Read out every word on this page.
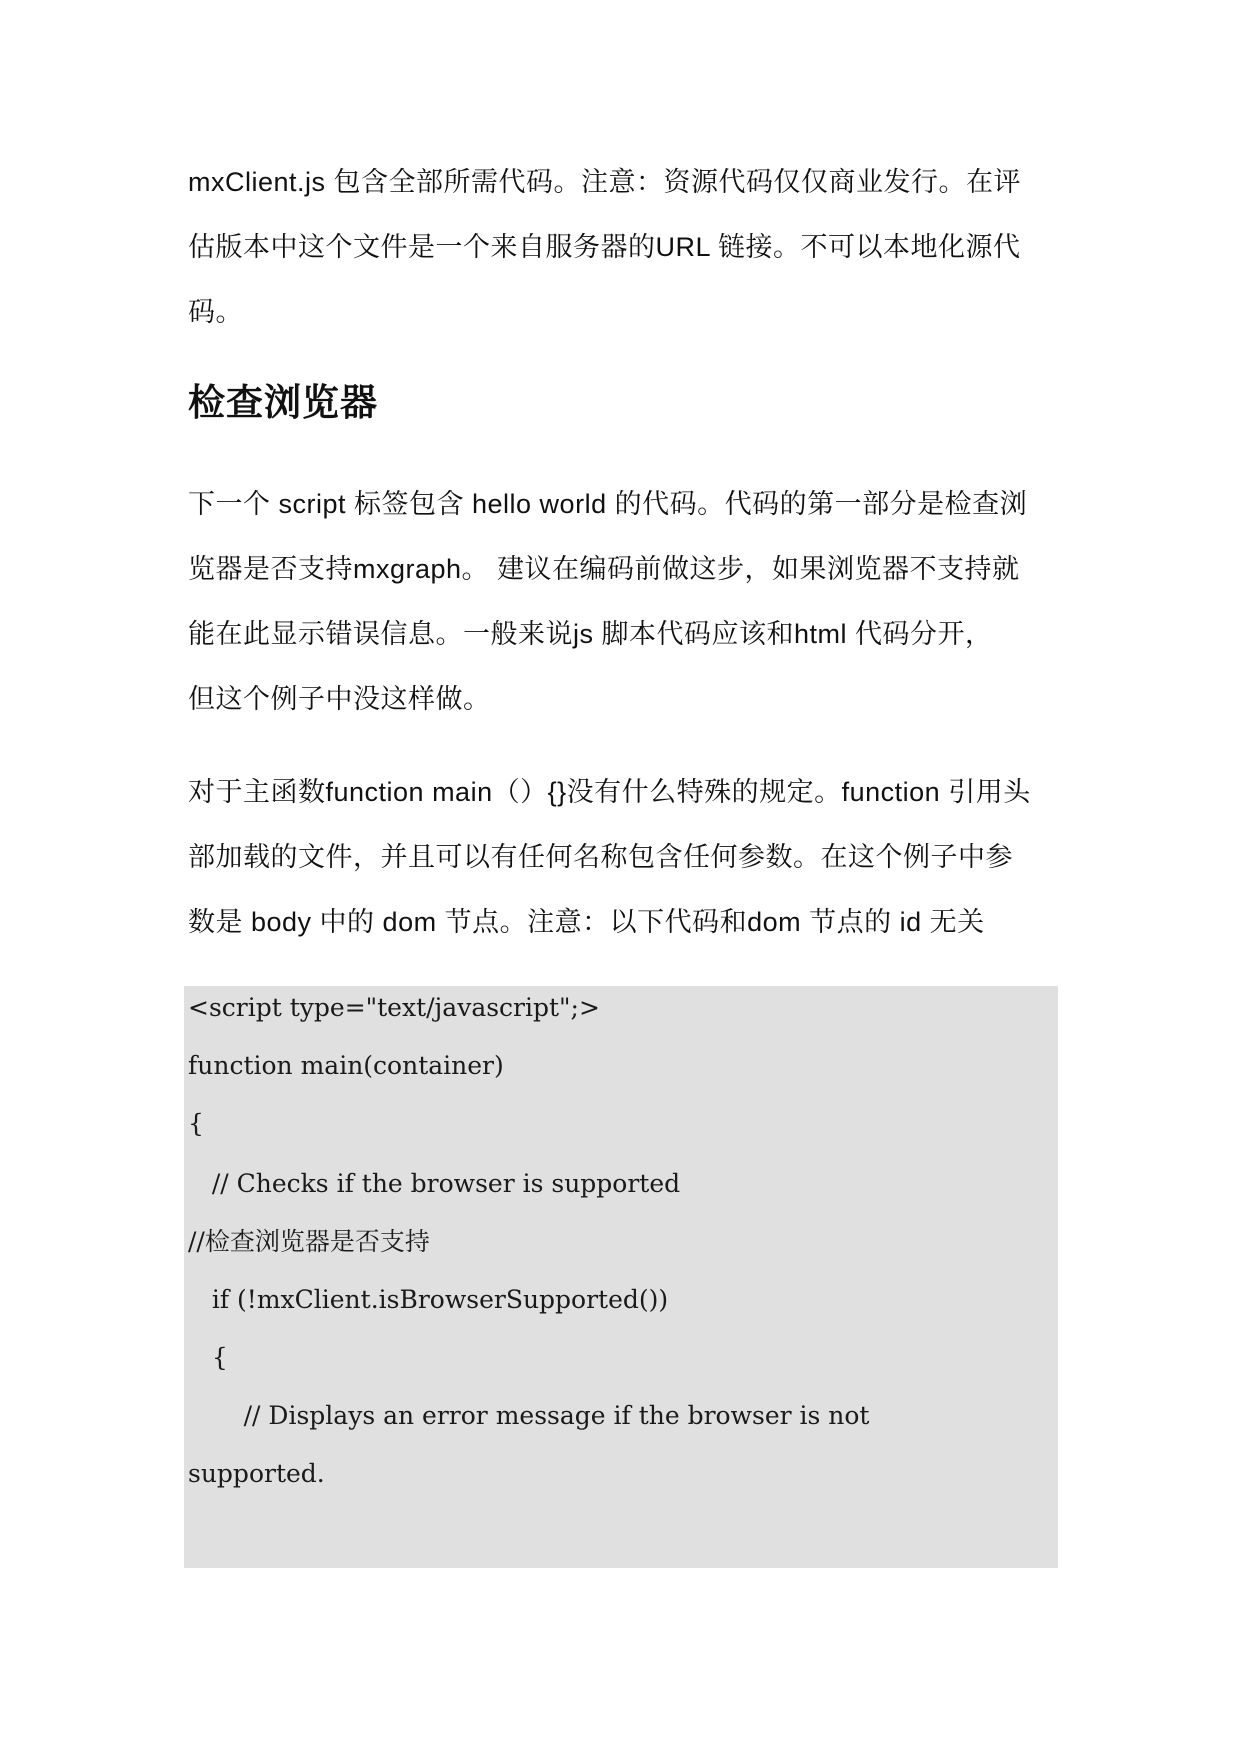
mxClient.js 包含全部所需代码。注意：资源代码仅仅商业发行。在评
估版本中这个文件是一个来自服务器的URL 链接。不可以本地化源代
码。
检查浏览器
下一个 script 标签包含 hello world 的代码。代码的第一部分是检查浏
览器是否支持mxgraph。 建议在编码前做这步，如果浏览器不支持就
能在此显示错误信息。一般来说js 脚本代码应该和html 代码分开，
但这个例子中没这样做。
对于主函数function main（）{}没有什么特殊的规定。function 引用头
部加载的文件，并且可以有任何名称包含任何参数。在这个例子中参
数是 body 中的 dom 节点。注意：以下代码和dom 节点的 id 无关
<script type="text/javascript";>
function main(container)
{
// Checks if the browser is supported
//检查浏览器是否支持
if (!mxClient.isBrowserSupported())
{
// Displays an error message if the browser is not
supported.
